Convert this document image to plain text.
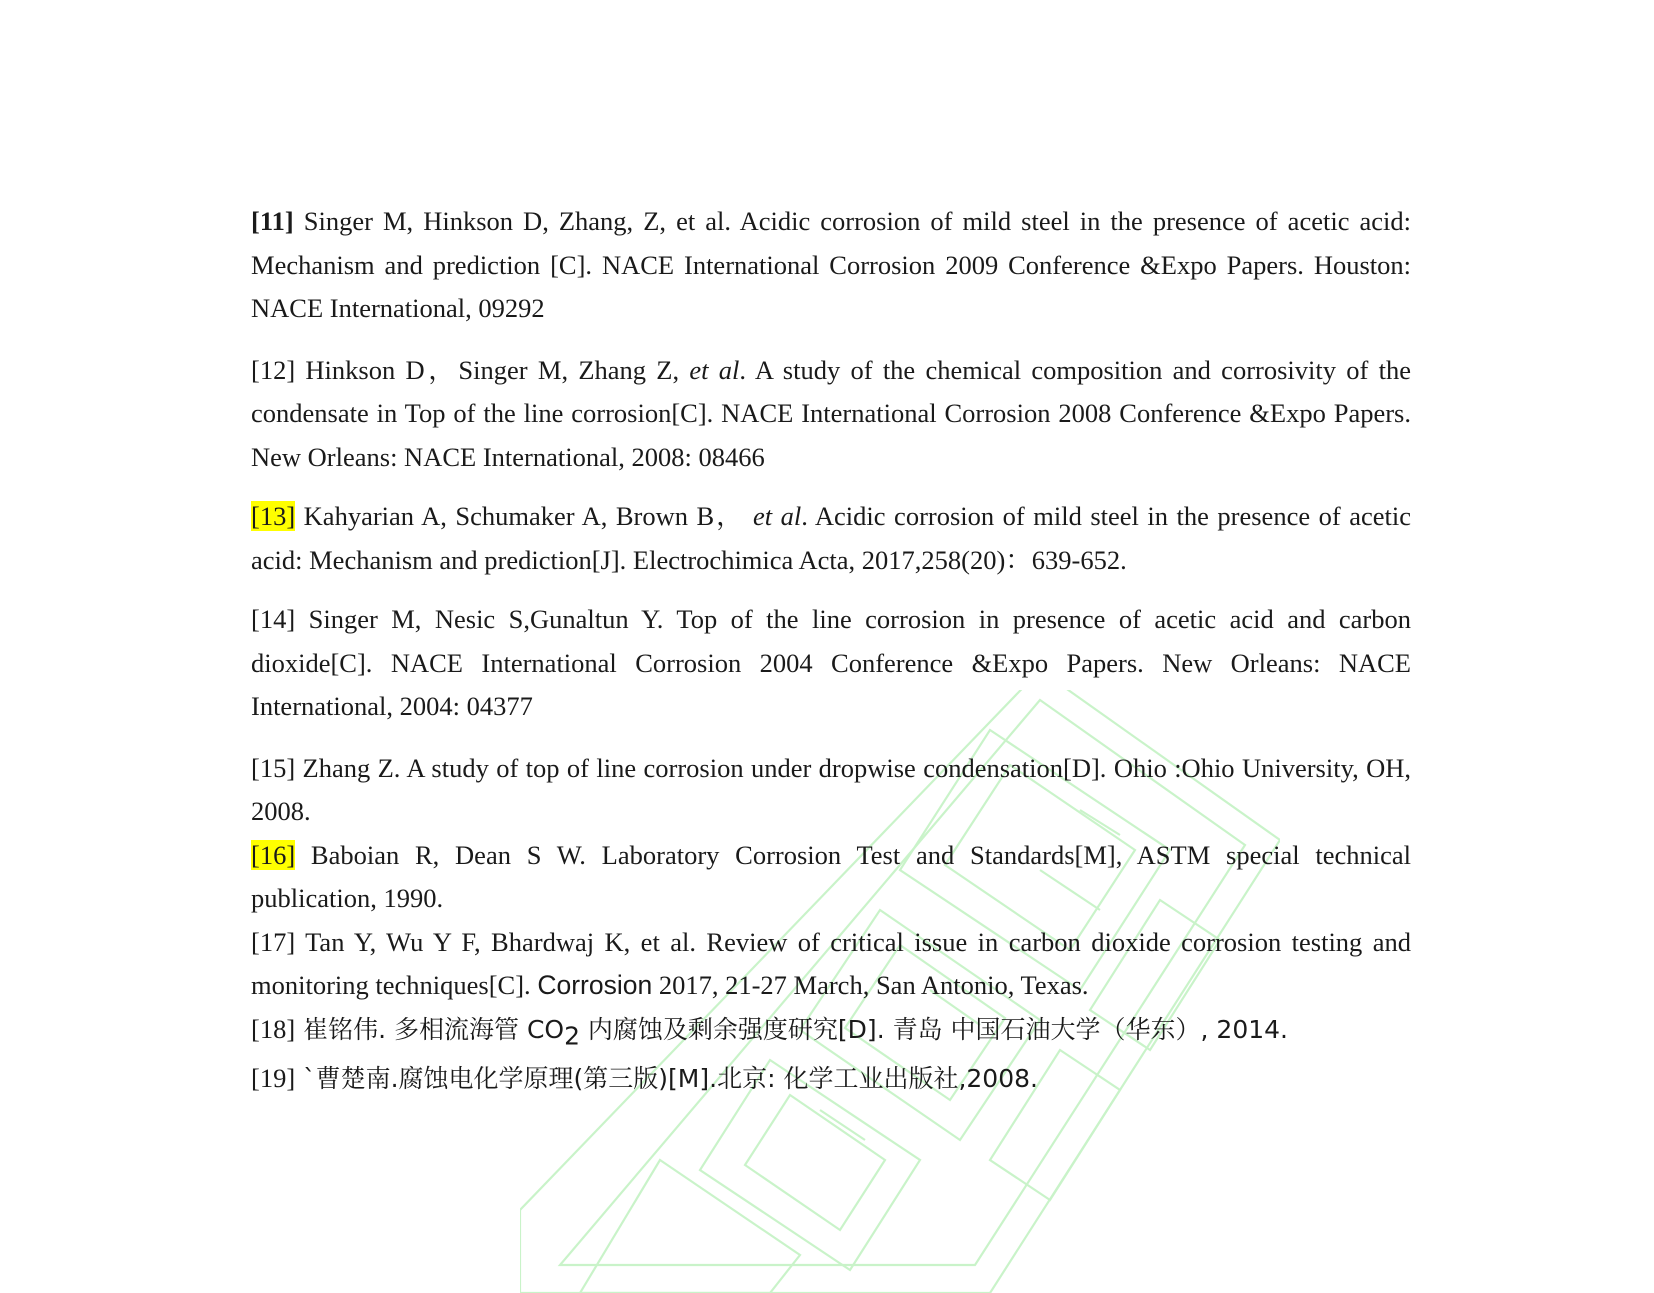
[11] Singer M, Hinkson D, Zhang, Z, et al. Acidic corrosion of mild steel in the presence of acetic acid: Mechanism and prediction [C]. NACE International Corrosion 2009 Conference &Expo Papers. Houston: NACE International, 09292

[12] Hinkson D，Singer M, Zhang Z, et al. A study of the chemical composition and corrosivity of the condensate in Top of the line corrosion[C]. NACE International Corrosion 2008 Conference &Expo Papers. New Orleans: NACE International, 2008: 08466

[13] Kahyarian A, Schumaker A, Brown B， et al. Acidic corrosion of mild steel in the presence of acetic acid: Mechanism and prediction[J]. Electrochimica Acta, 2017,258(20)：639-652.

[14] Singer M, Nesic S,Gunaltun Y. Top of the line corrosion in presence of acetic acid and carbon dioxide[C]. NACE International Corrosion 2004 Conference &Expo Papers. New Orleans: NACE International, 2004: 04377

[15] Zhang Z. A study of top of line corrosion under dropwise condensation[D]. Ohio :Ohio University, OH, 2008.

[16] Baboian R, Dean S W. Laboratory Corrosion Test and Standards[M], ASTM special technical publication, 1990.

[17] Tan Y, Wu Y F, Bhardwaj K, et al. Review of critical issue in carbon dioxide corrosion testing and monitoring techniques[C]. Corrosion 2017, 21-27 March, San Antonio, Texas.

[18] 崔铭伟. 多相流海管 $CO_2$ 内腐蚀及剩余强度研究[D]. 青岛 中国石油大学（华东）, 2014.

[19] `曹楚南.腐蚀电化学原理(第三版)[M].北京: 化学工业出版社,2008.
